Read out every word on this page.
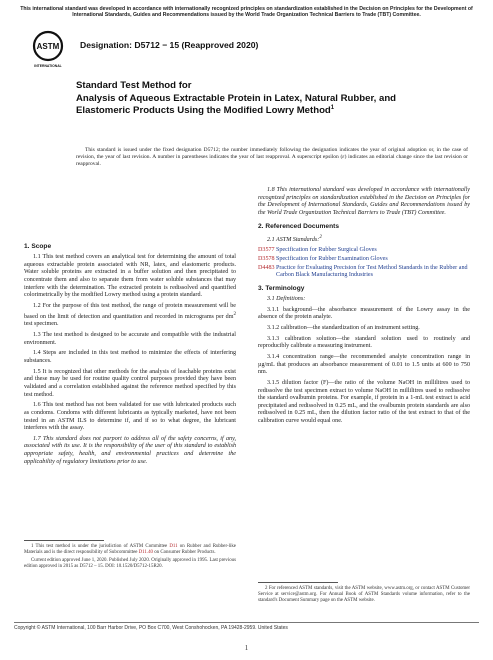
This international standard was developed in accordance with internationally recognized principles on standardization established in the Decision on Principles for the Development of International Standards, Guides and Recommendations issued by the World Trade Organization Technical Barriers to Trade (TBT) Committee.
ASTM
INTERNATIONAL
Designation: D5712 − 15 (Reapproved 2020)
Standard Test Method for
Analysis of Aqueous Extractable Protein in Latex, Natural Rubber, and Elastomeric Products Using the Modified Lowry Method$^1$

This standard is issued under the fixed designation D5712; the number immediately following the designation indicates the year of original adoption or, in the case of revision, the year of last revision. A number in parentheses indicates the year of last reapproval. A superscript epsilon (ε) indicates an editorial change since the last revision or reapproval.

1. Scope

1.1 This test method covers an analytical test for determining the amount of total aqueous extractable protein associated with NR, latex, and elastomeric products. Water soluble proteins are extracted in a buffer solution and then precipitated to concentrate them and also to separate them from water soluble substances that may interfere with the determination. The extracted protein is redissolved and quantified colorimetrically by the modified Lowry method using a protein standard.

1.2 For the purpose of this test method, the range of protein measurement will be based on the limit of detection and quantitation and recorded in micrograms per $dm^2$ test specimen.

1.3 The test method is designed to be accurate and compatible with the industrial environment.

1.4 Steps are included in this test method to minimize the effects of interfering substances.

1.5 It is recognized that other methods for the analysis of leachable proteins exist and these may be used for routine quality control purposes provided they have been validated and a correlation established against the reference method specified by this test method.

1.6 This test method has not been validated for use with lubricated products such as condoms. Condoms with different lubricants as typically marketed, have not been tested in an ASTM ILS to determine if, and if so to what degree, the lubricant interferes with the assay.

1.7 This standard does not purport to address all of the safety concerns, if any, associated with its use. It is the responsibility of the user of this standard to establish appropriate safety, health, and environmental practices and determine the applicability of regulatory limitations prior to use.

1 This test method is under the jurisdiction of ASTM Committee D11 on Rubber and Rubber-like Materials and is the direct responsibility of Subcommittee D11.40 on Consumer Rubber Products.

Current edition approved June 1, 2020. Published July 2020. Originally approved in 1995. Last previous edition approved in 2015 as D5712 – 15. DOI: 10.1520/D5712-15R20.

1.8 This international standard was developed in accordance with internationally recognized principles on standardization established in the Decision on Principles for the Development of International Standards, Guides and Recommendations issued by the World Trade Organization Technical Barriers to Trade (TBT) Committee.

2. Referenced Documents

2.1 ASTM Standards:$^2$

D3577 Specification for Rubber Surgical Gloves
D3578 Specification for Rubber Examination Gloves
D4483 Practice for Evaluating Precision for Test Method Standards in the Rubber and Carbon Black Manufacturing Industries

3. Terminology

3.1 Definitions:

3.1.1 background—the absorbance measurement of the Lowry assay in the absence of the protein analyte.

3.1.2 calibration—the standardization of an instrument setting.

3.1.3 calibration solution—the standard solution used to routinely and reproducibly calibrate a measuring instrument.

3.1.4 concentration range—the recommended analyte concentration range in µg/mL that produces an absorbance measurement of 0.01 to 1.5 units at 600 to 750 nm.

3.1.5 dilution factor (F)—the ratio of the volume NaOH in millilitres used to redissolve the test specimen extract to volume NaOH in millilitres used to redissolve the standard ovalbumin proteins. For example, if protein in a 1-mL test extract is acid precipitated and redissolved in 0.25 mL, and the ovalbumin protein standards are also redissolved in 0.25 mL, then the dilution factor ratio of the test extract to that of the calibration curve would equal one.

2 For referenced ASTM standards, visit the ASTM website, www.astm.org, or contact ASTM Customer Service at service@astm.org. For Annual Book of ASTM Standards volume information, refer to the standard's Document Summary page on the ASTM website.

Copyright © ASTM International, 100 Barr Harbor Drive, PO Box C700, West Conshohocken, PA 19428-2959. United States
1
